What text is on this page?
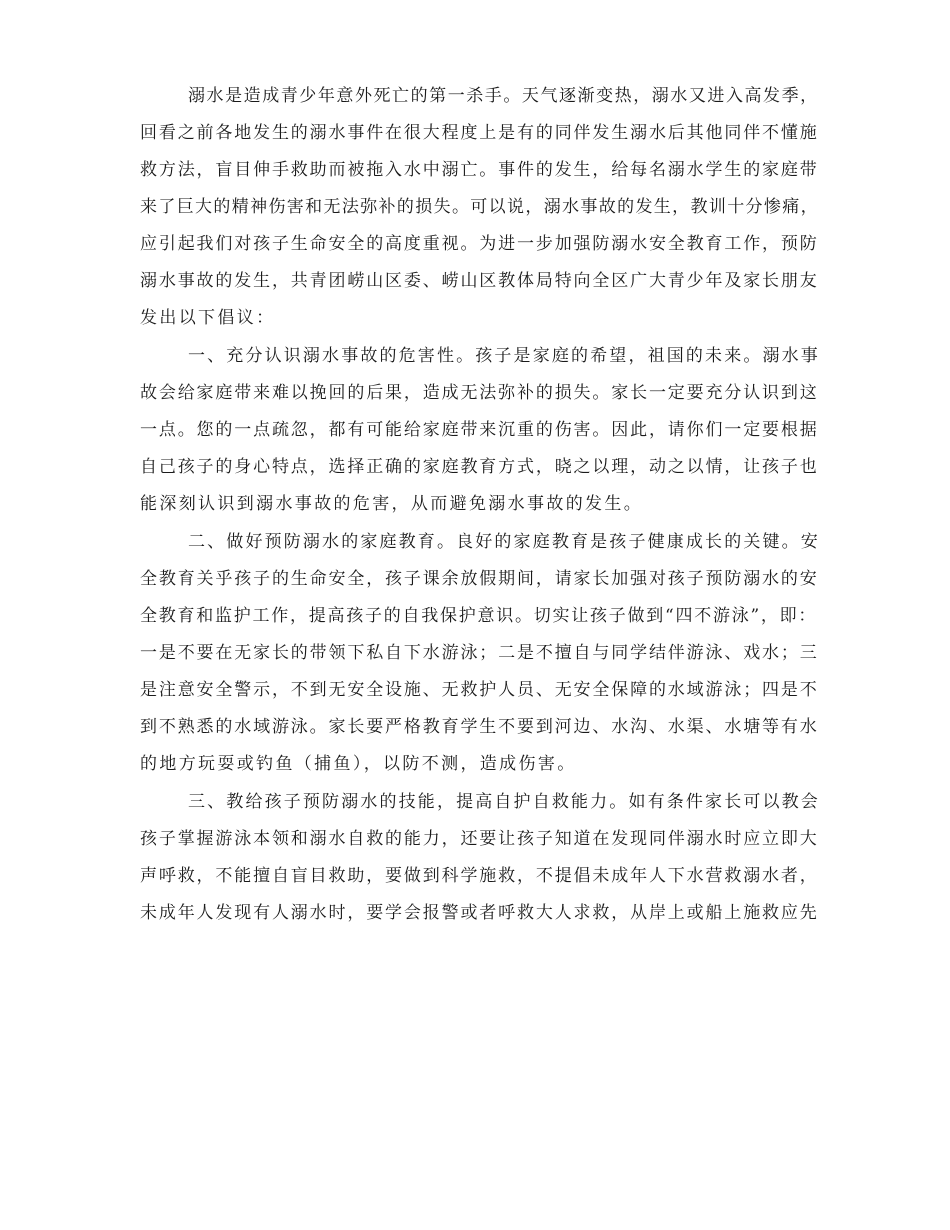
溺水是造成青少年意外死亡的第一杀手。天气逐渐变热，溺水又进入高发季，
回看之前各地发生的溺水事件在很大程度上是有的同伴发生溺水后其他同伴不懂施
救方法，盲目伸手救助而被拖入水中溺亡。事件的发生，给每名溺水学生的家庭带
来了巨大的精神伤害和无法弥补的损失。可以说，溺水事故的发生，教训十分惨痛，
应引起我们对孩子生命安全的高度重视。为进一步加强防溺水安全教育工作，预防
溺水事故的发生，共青团崂山区委、崂山区教体局特向全区广大青少年及家长朋友
发出以下倡议：
一、充分认识溺水事故的危害性。孩子是家庭的希望，祖国的未来。溺水事
故会给家庭带来难以挽回的后果，造成无法弥补的损失。家长一定要充分认识到这
一点。您的一点疏忽，都有可能给家庭带来沉重的伤害。因此，请你们一定要根据
自己孩子的身心特点，选择正确的家庭教育方式，晓之以理，动之以情，让孩子也
能深刻认识到溺水事故的危害，从而避免溺水事故的发生。
二、做好预防溺水的家庭教育。良好的家庭教育是孩子健康成长的关键。安
全教育关乎孩子的生命安全，孩子课余放假期间，请家长加强对孩子预防溺水的安
全教育和监护工作，提高孩子的自我保护意识。切实让孩子做到“四不游泳”，即：
一是不要在无家长的带领下私自下水游泳；二是不擅自与同学结伴游泳、戏水；三
是注意安全警示，不到无安全设施、无救护人员、无安全保障的水域游泳；四是不
到不熟悉的水域游泳。家长要严格教育学生不要到河边、水沟、水渠、水塘等有水
的地方玩耍或钓鱼（捕鱼），以防不测，造成伤害。
三、教给孩子预防溺水的技能，提高自护自救能力。如有条件家长可以教会
孩子掌握游泳本领和溺水自救的能力，还要让孩子知道在发现同伴溺水时应立即大
声呼救，不能擅自盲目救助，要做到科学施救，不提倡未成年人下水营救溺水者，
未成年人发现有人溺水时，要学会报警或者呼救大人求救，从岸上或船上施救应先
